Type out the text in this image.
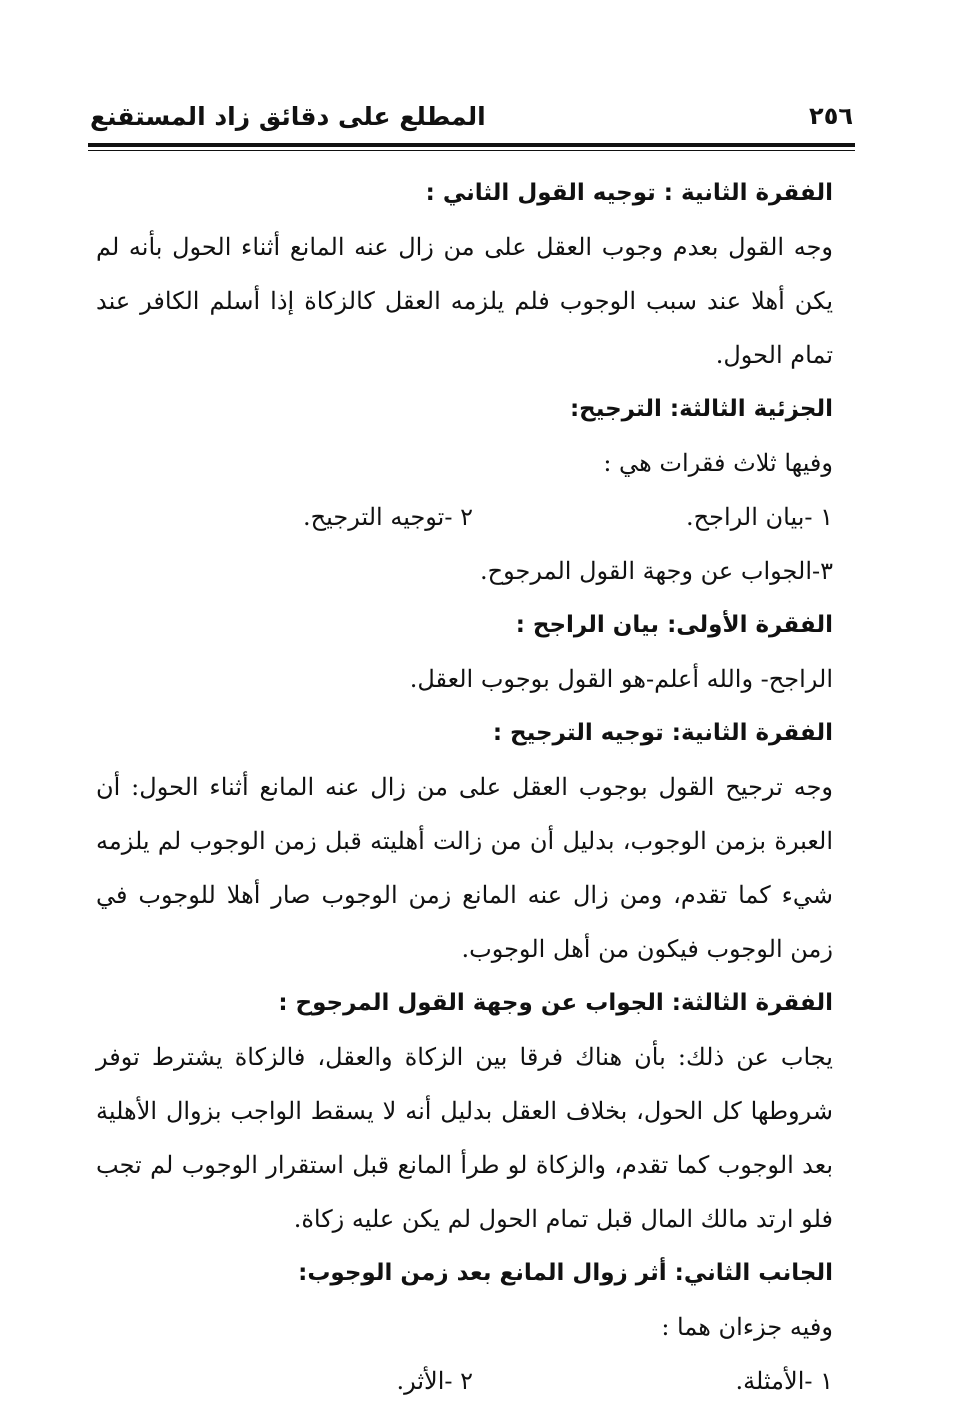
٢٥٦
المطلع على دقائق زاد المستقنع
الفقرة الثانية : توجيه القول الثاني :

وجه القول بعدم وجوب العقل على من زال عنه المانع أثناء الحول بأنه لم يكن أهلا عند سبب الوجوب فلم يلزمه العقل كالزكاة إذا أسلم الكافر عند تمام الحول.

الجزئية الثالثة: الترجيح:
وفيها ثلاث فقرات هي :
١ -بيان الراجح.
٢ -توجيه الترجيح.
٣-الجواب عن وجهة القول المرجوح.
الفقرة الأولى: بيان الراجح :
الراجح- والله أعلم-هو القول بوجوب العقل.
الفقرة الثانية: توجيه الترجيح :

وجه ترجيح القول بوجوب العقل على من زال عنه المانع أثناء الحول: أن العبرة بزمن الوجوب، بدليل أن من زالت أهليته قبل زمن الوجوب لم يلزمه شيء كما تقدم، ومن زال عنه المانع زمن الوجوب صار أهلا للوجوب في زمن الوجوب فيكون من أهل الوجوب.

الفقرة الثالثة: الجواب عن وجهة القول المرجوح :

يجاب عن ذلك: بأن هناك فرقا بين الزكاة والعقل، فالزكاة يشترط توفر شروطها كل الحول، بخلاف العقل بدليل أنه لا يسقط الواجب بزوال الأهلية بعد الوجوب كما تقدم، والزكاة لو طرأ المانع قبل استقرار الوجوب لم تجب فلو ارتد مالك المال قبل تمام الحول لم يكن عليه زكاة.

الجانب الثاني: أثر زوال المانع بعد زمن الوجوب:
وفيه جزءان هما :
١ -الأمثلة.
٢ -الأثر.
